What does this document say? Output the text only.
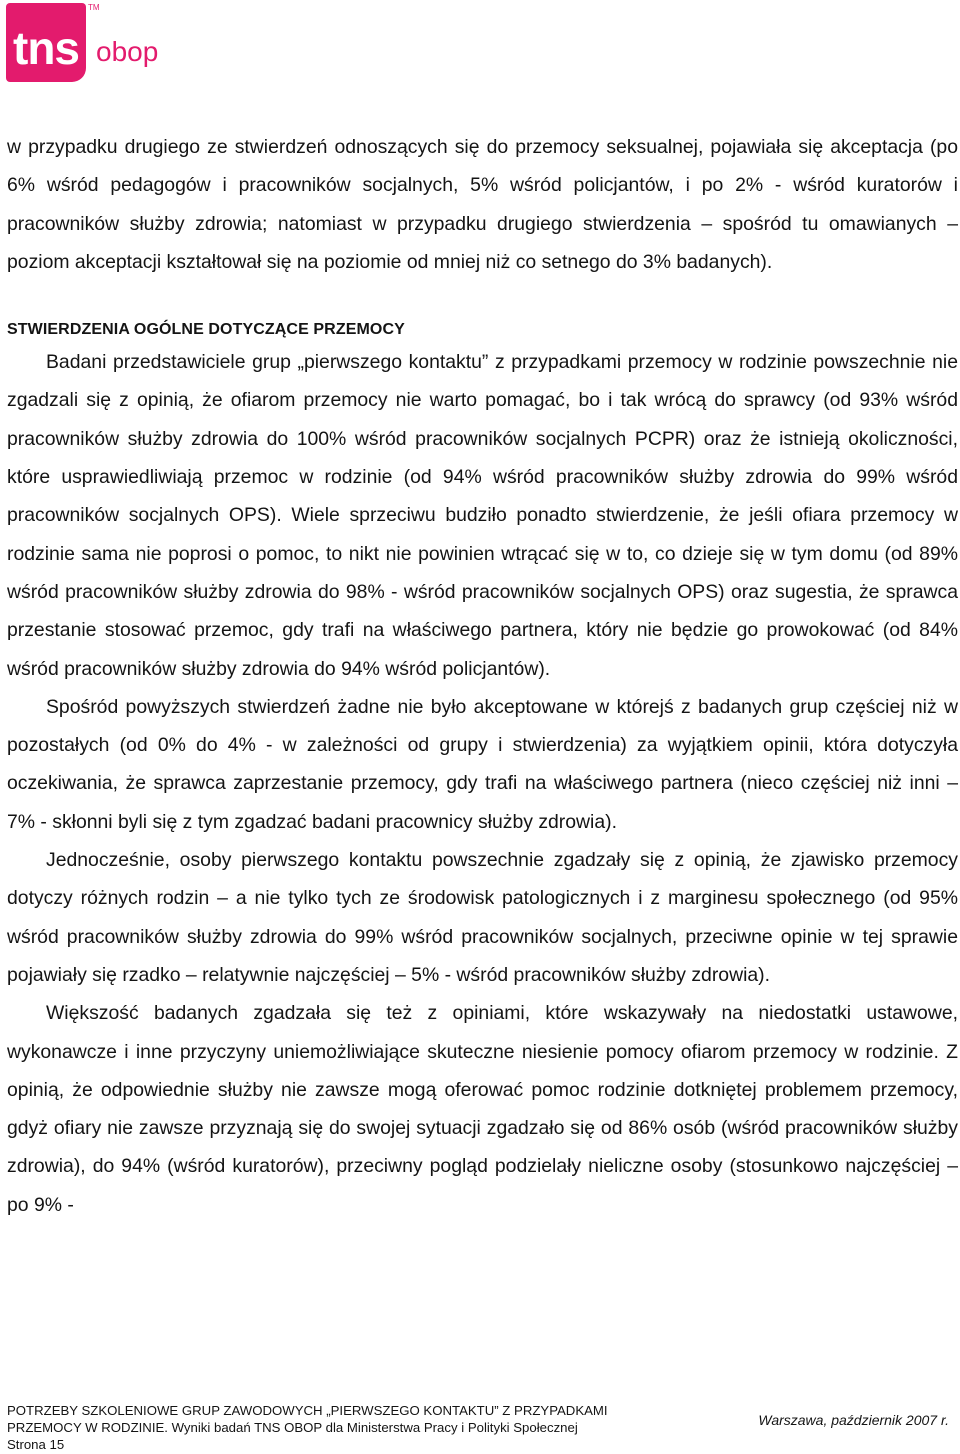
tns
TM
obop

w przypadku drugiego ze stwierdzeń odnoszących się do przemocy seksualnej, pojawiała się akceptacja (po 6% wśród pedagogów i pracowników socjalnych, 5% wśród policjantów, i po 2% - wśród kuratorów i pracowników służby zdrowia; natomiast w przypadku drugiego stwierdzenia – spośród tu omawianych – poziom akceptacji kształtował się na poziomie od mniej niż co setnego do 3% badanych).

STWIERDZENIA OGÓLNE DOTYCZĄCE PRZEMOCY

Badani przedstawiciele grup „pierwszego kontaktu” z przypadkami przemocy w rodzinie powszechnie nie zgadzali się z opinią, że ofiarom przemocy nie warto pomagać, bo i tak wrócą do sprawcy (od 93% wśród pracowników służby zdrowia do 100% wśród pracowników socjalnych PCPR) oraz że istnieją okoliczności, które usprawiedliwiają przemoc w rodzinie (od 94% wśród pracowników służby zdrowia do 99% wśród pracowników socjalnych OPS). Wiele sprzeciwu budziło ponadto stwierdzenie, że jeśli ofiara przemocy w rodzinie sama nie poprosi o pomoc, to nikt nie powinien wtrącać się w to, co dzieje się w tym domu (od 89% wśród pracowników służby zdrowia do 98% - wśród pracowników socjalnych OPS) oraz sugestia, że sprawca przestanie stosować przemoc, gdy trafi na właściwego partnera, który nie będzie go prowokować (od 84% wśród pracowników służby zdrowia do 94% wśród policjantów).

Spośród powyższych stwierdzeń żadne nie było akceptowane w którejś z badanych grup częściej niż w pozostałych (od 0% do 4% - w zależności od grupy i stwierdzenia) za wyjątkiem opinii, która dotyczyła oczekiwania, że sprawca zaprzestanie przemocy, gdy trafi na właściwego partnera (nieco częściej niż inni – 7% - skłonni byli się z tym zgadzać badani pracownicy służby zdrowia).

Jednocześnie, osoby pierwszego kontaktu powszechnie zgadzały się z opinią, że zjawisko przemocy dotyczy różnych rodzin – a nie tylko tych ze środowisk patologicznych i z marginesu społecznego (od 95% wśród pracowników służby zdrowia do 99% wśród pracowników socjalnych, przeciwne opinie w tej sprawie pojawiały się rzadko – relatywnie najczęściej – 5% - wśród pracowników służby zdrowia).

Większość badanych zgadzała się też z opiniami, które wskazywały na niedostatki ustawowe, wykonawcze i inne przyczyny uniemożliwiające skuteczne niesienie pomocy ofiarom przemocy w rodzinie. Z opinią, że odpowiednie służby nie zawsze mogą oferować pomoc rodzinie dotkniętej problemem przemocy, gdyż ofiary nie zawsze przyznają się do swojej sytuacji zgadzało się od 86% osób (wśród pracowników służby zdrowia), do 94% (wśród kuratorów), przeciwny pogląd podzielały nieliczne osoby (stosunkowo najczęściej – po 9% -

POTRZEBY SZKOLENIOWE GRUP ZAWODOWYCH „PIERWSZEGO KONTAKTU” Z PRZYPADKAMI
PRZEMOCY W RODZINIE. Wyniki badań TNS OBOP dla Ministerstwa Pracy i Polityki Społecznej
Strona 15
Warszawa, październik 2007 r.
